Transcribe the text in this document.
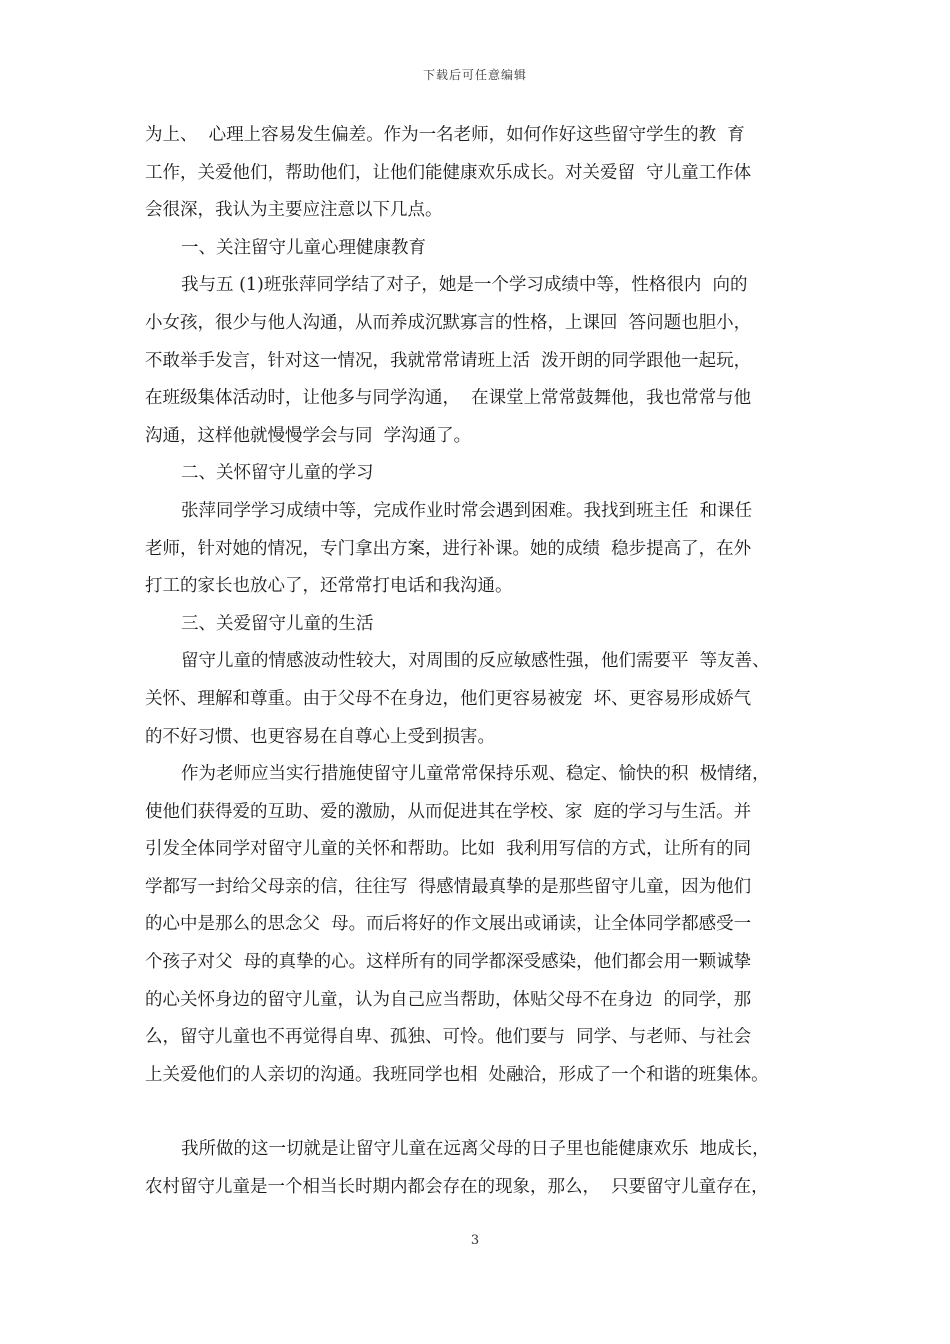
下载后可任意编辑
为上、  心理上容易发生偏差。作为一名老师，如何作好这些留守学生的教  育
工作，关爱他们，帮助他们，让他们能健康欢乐成长。对关爱留  守儿童工作体
会很深，我认为主要应注意以下几点。
一、关注留守儿童心理健康教育
我与五 (1)班张萍同学结了对子，她是一个学习成绩中等，性格很内  向的
小女孩，很少与他人沟通，从而养成沉默寡言的性格，上课回  答问题也胆小，
不敢举手发言，针对这一情况，我就常常请班上活  泼开朗的同学跟他一起玩，
在班级集体活动时，让他多与同学沟通，  在课堂上常常鼓舞他，我也常常与他
沟通，这样他就慢慢学会与同  学沟通了。
二、关怀留守儿童的学习
张萍同学学习成绩中等，完成作业时常会遇到困难。我找到班主任  和课任
老师，针对她的情况，专门拿出方案，进行补课。她的成绩  稳步提高了，在外
打工的家长也放心了，还常常打电话和我沟通。
三、关爱留守儿童的生活
留守儿童的情感波动性较大，对周围的反应敏感性强，他们需要平  等友善、
关怀、理解和尊重。由于父母不在身边，他们更容易被宠  坏、更容易形成娇气
的不好习惯、也更容易在自尊心上受到损害。
作为老师应当实行措施使留守儿童常常保持乐观、稳定、愉快的积  极情绪，
使他们获得爱的互助、爱的激励，从而促进其在学校、家  庭的学习与生活。并
引发全体同学对留守儿童的关怀和帮助。比如  我利用写信的方式，让所有的同
学都写一封给父母亲的信，往往写  得感情最真挚的是那些留守儿童，因为他们
的心中是那么的思念父  母。而后将好的作文展出或诵读，让全体同学都感受一
个孩子对父  母的真挚的心。这样所有的同学都深受感染，他们都会用一颗诚挚
的心关怀身边的留守儿童，认为自己应当帮助，体贴父母不在身边  的同学，那
么，留守儿童也不再觉得自卑、孤独、可怜。他们要与  同学、与老师、与社会
上关爱他们的人亲切的沟通。我班同学也相  处融洽，形成了一个和谐的班集体。
我所做的这一切就是让留守儿童在远离父母的日子里也能健康欢乐  地成长，
农村留守儿童是一个相当长时期内都会存在的现象，那么，  只要留守儿童存在，
3
